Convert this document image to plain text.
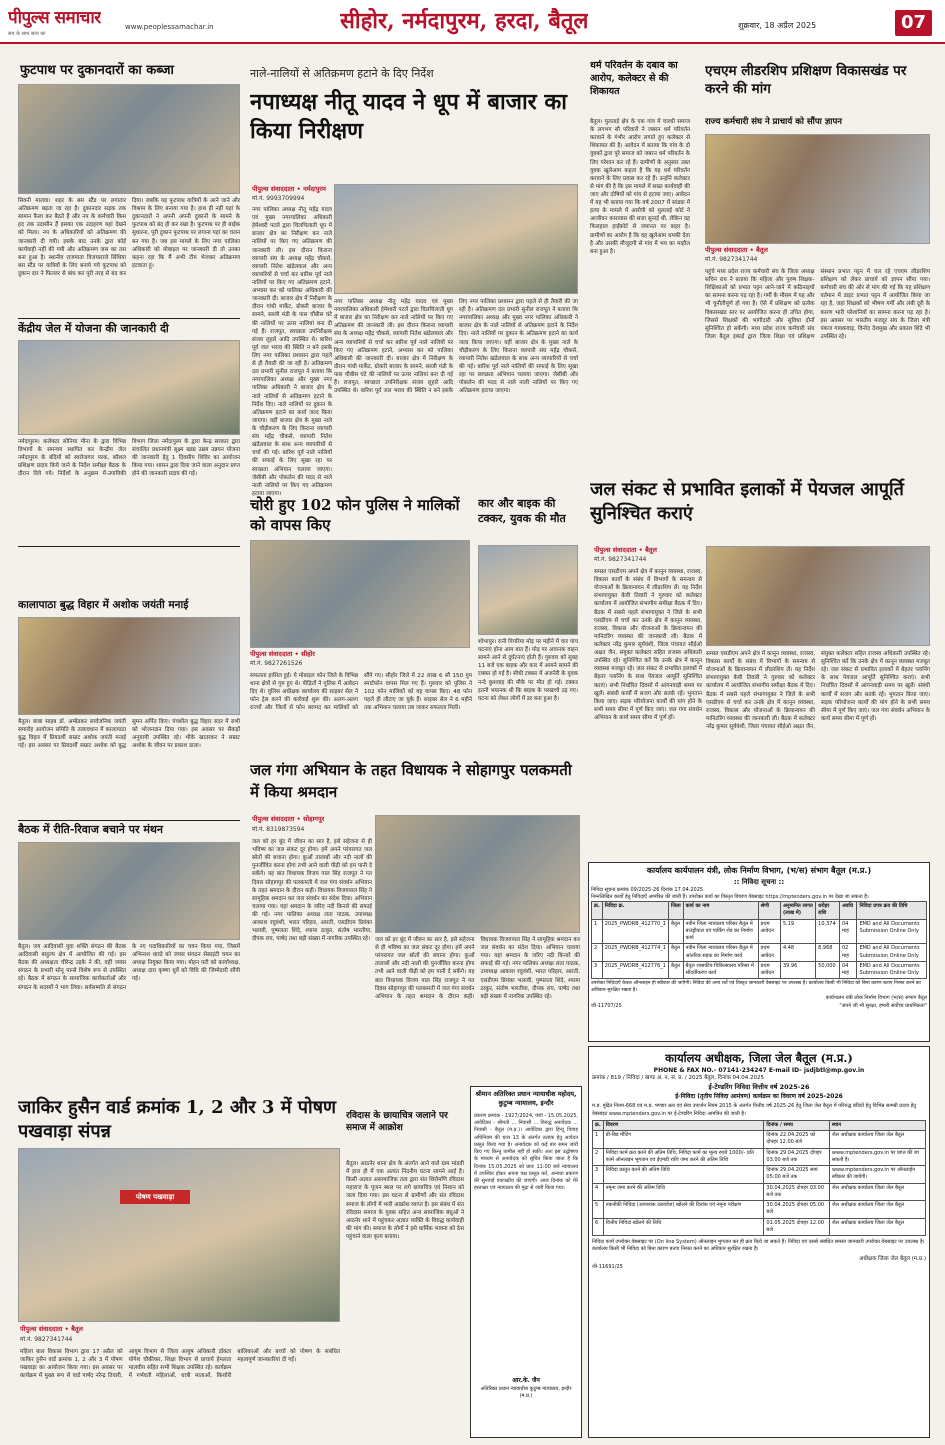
पीपुल्स समाचार
सच के साथ सत्य का
www.peoplessamachar.in	सीहोर, नर्मदापुरम, हरदा, बैतूल	शुक्रवार, 18 अप्रैल 2025	07
फुटपाथ पर दुकानदारों का कब्जा
सिवनी मालवा। शहर के बस स्टैंड पर लगातार अतिक्रमण बढ़ता जा रहा है। दुकानदार सड़क तक सामान फैला कर बैठते हैं और नप के कर्मचारी किस हद तक उदासीन हैं इसका एक उदाहरण यहां देखने को मिला। नप के अधिकारियों को अतिक्रमण की जानकारी दी गयी। इसके बाद उनके द्वारा कोई कार्यवाही नहीं की गयी और अतिक्रमण जस का तस बना हुआ है। स्थानीय राजमाता विजयाराजे सिंधिया बस स्टैंड पर यात्रियों के लिए बनाये गये फुटपाथ को दुकान दार ने फिल्लर से बांध कर पूरी तरह से बंद कर दिया। जबकि यह फुटपाथ यात्रियों के आने जाने और विश्राम के लिए बनाया गया है। हाथ ही नहीं यहां के दुकानदारों ने अपनी अपनी दुकानों के सामने के फुटपाथ को बंद ही कर रखा है। फुटपाथ पर ही बाईक सुधारना, पूरी दुकान फुटपाथ पर लगाना यहां का चलन बन गया है। जब इस मामले के लिए नगर पालिका अधिकारी को मोबाइल पर जानकारी दी तो उनका कहना रहा कि मैं अभी टीम भेजकर अतिक्रमण हटवाता हूं।
केंद्रीय जेल में योजना की जानकारी दी
नर्मदापुरम। कलेक्टर सोनिया मीना के द्वारा विभिन्न विभागों के समन्वय स्थापित कर केन्द्रीय जेल नर्मदापुरम के बंदियों को स्वरोजगार परक, कौशल प्रशिक्षण प्रदाय किये जाने के निर्देश समीक्षा बैठक के दौरान दिये गये। निर्देशों के अनुक्रम में-उपायिकी विभाग जिला नर्मदापुरम के द्वारा केन्द्र सरकार द्वारा संचालित प्रधानमंत्री सूक्ष्म खाद्य उद्यम उन्नयन योजना की जानकारी हेतु 1 दिवसीय शिविर का आयोजन किया गया। शासन द्वारा दिया जाने वाला अनुदान प्राप्त होने की जानकारी प्रदाय की गई।
कालापाठा बुद्ध विहार में अशोक जयंती मनाई
बैतूल। बाबा साहब डॉ. अम्बेडकर सार्वजनिक जयंती समारोह आयोजन समिति के तत्वावधान में कालापाठा बुद्ध विहार में प्रियदर्शी सम्राट अशोक जयंती मनाई गई। इस अवसर पर प्रियदर्शी सम्राट अशोक को बुद्ध सुमन अर्पित किए। पंचशील बुद्ध विहार सदर में सभी को भोजनदान दिया गया। इस अवसर पर सैकड़ों अनुयायी उपस्थित रहे। भीके खातरकर ने सम्राट अशोक के जीवन पर प्रकाश डाला।
बैठक में रीति-रिवाज बचाने पर मंथन
बैतूल। जय आदिवासी युवा शक्ति संगठन की बैठक आदिवासी बाहुल्य क्षेत्र में आयोजित की गई। इस बैठक की अध्यक्षता चीरेन्द्र उइके ने की, वहीं जयस संगठन के प्रभारी सोनू पान्से विशेष रूप से उपस्थित रहे। बैठक में संगठन के सामाजिक कार्यकर्ताओं और संगठन के सदस्यों ने भाग लिया। सर्वसम्मति से संगठन के नए पदाधिकारियों का चयन किया गया, जिसमें अभिनाश धारडे को जयस संगठन सेसाइंटी चयन का अध्यक्ष नियुक्त किया गया। मोहन पटी को कार्याध्यक्ष, अध्यक्ष दारा कृष्णा धुर्वे को विधि की जिम्मेदारी सौंपी गई।
नाले-नालियों से अतिक्रमण हटाने के दिए निर्देश
नपाध्यक्ष नीतू यादव ने धूप में बाजार का किया निरीक्षण
पीपुल्स संवाददाता • नर्मदापुरम
मो.नं. 9993709994
नगर पालिका अध्यक्ष नीतू महेंद्र यादव एवं मुख्य नगरपालिका अधिकारी हेमेश्वरी पटले द्वारा चिलचिलाती धूप में बाजार क्षेत्र का निरीक्षण कर नाले नालियों पर किए गए अतिक्रमण की जानकारी ली। इस दौरान किराना व्यापारी संघ के अध्यक्ष महेंद्र चौकसे, व्यापारी नितेश खंडेलवाल और अन्य व्यापारियों से चर्चा कर बारिश पूर्व नाले नालियों पर किए गए अतिक्रमण हटाने, अभ्यास कर को पालिका अधिकारी की जानकारी दी। बाजार क्षेत्र में निरीक्षण के दौरान गांधी मार्केट, ग्रोकरी बाजार के सामने, सब्जी मंडी के पास चौबीस घंटे की नालियों पर ऊपर नालियां बना दी गई हैं। राजपूत, स्वच्छता उपनिरीक्षक संजय लुहारे आदि उपस्थित थे। बारिश पूर्व जल भराव की स्थिति न बने इसके लिए नगर पालिका प्रशासन द्वारा पहले से ही तैयारी की जा रही है। अतिक्रमण दल प्रभारी सुनील राजपूत ने बताया कि नगरपालिका अध्यक्ष और मुख्य नगर पालिका अधिकारी ने बाजार क्षेत्र के नाले नालियों से अतिक्रमण हटाने के निर्देश दिए। नाले नालियों पर दुकान के अतिक्रमण हटाने का कार्य जल्द किया जाएगा। वहीं बाजार क्षेत्र के मुख्य नाले के चौड़ीकरण के लिए किराना व्यापारी संघ महेंद्र चौकसे, व्यापारी नितेश खंडेलवाल के साथ अन्य व्यापारियों से चर्चा की गई। बारिश पूर्व नाले नालियों की सफाई के लिए सूखा रहा पर स्वच्छता अभियान चलाया जाएगा। जेसीबी और पोकलेन की मदद से नाले नाली नालियों पर किए गए अतिक्रमण हटाया जाएगा।
नगर पालिका अध्यक्ष नीतू महेंद्र यादव एवं मुख्य नगरपालिका अधिकारी हेमेश्वरी पटले द्वारा चिलचिलाती धूप में बाजार क्षेत्र का निरीक्षण कर नाले नालियों पर किए गए अतिक्रमण की जानकारी ली। इस दौरान किराना व्यापारी संघ के अध्यक्ष महेंद्र चौकसे, व्यापारी नितेश खंडेलवाल और अन्य व्यापारियों से चर्चा कर बारिश पूर्व नाले नालियों पर किए गए अतिक्रमण हटाने, अभ्यास कर को पालिका अधिकारी की जानकारी दी। बाजार क्षेत्र में निरीक्षण के दौरान गांधी मार्केट, ग्रोकरी बाजार के सामने, सब्जी मंडी के पास चौबीस घंटे की नालियों पर ऊपर नालियां बना दी गई हैं। राजपूत, स्वच्छता उपनिरीक्षक संजय लुहारे आदि उपस्थित थे। बारिश पूर्व जल भराव की स्थिति न बने इसके लिए नगर पालिका प्रशासन द्वारा पहले से ही तैयारी की जा रही है। अतिक्रमण दल प्रभारी सुनील राजपूत ने बताया कि नगरपालिका अध्यक्ष और मुख्य नगर पालिका अधिकारी ने बाजार क्षेत्र के नाले नालियों से अतिक्रमण हटाने के निर्देश दिए। नाले नालियों पर दुकान के अतिक्रमण हटाने का कार्य जल्द किया जाएगा। वहीं बाजार क्षेत्र के मुख्य नाले के चौड़ीकरण के लिए किराना व्यापारी संघ महेंद्र चौकसे, व्यापारी नितेश खंडेलवाल के साथ अन्य व्यापारियों से चर्चा की गई। बारिश पूर्व नाले नालियों की सफाई के लिए सूखा रहा पर स्वच्छता अभियान चलाया जाएगा। जेसीबी और पोकलेन की मदद से नाले नाली नालियों पर किए गए अतिक्रमण हटाया जाएगा।
धर्म परिवर्तन के दबाव का आरोप, कलेक्टर से की शिकायत
बैतूल। मुलताई क्षेत्र के एक गांव में चारधी समाज के लगभग सौ परिवारों ने जबरन धर्म परिवर्तन करवाने के गंभीर आरोप लगाते हुए कलेक्टर से शिकायत की है। आवेदन में बताया कि गांव के दो युवकों द्वारा पूरे समाज को जबरन धर्म परिवर्तन के लिए परेशान कर रहे हैं। ग्रामीणों के अनुसार उक्त युवक खुलेआम कहता है कि यह धर्म परिवर्तन करवाने के लिए प्रयास कर रहे हैं। उन्होंने कलेक्टर से मांग की है कि इस मामले में सख्त कार्यवाही की जाए और दोषियों को गांव से हटाया जाए। आवेदन में यह भी बताया गया कि वर्ष 2007 में सांड्या में हत्या के मामले में आरोपी को मुलताई कोर्ट ने आजीवन कारावास की सजा सुनाई थी, लेकिन वह फिलहाल हाईकोर्ट से जमानत पर बाहर है। ग्रामीणों का आरोप है कि वह खुलेआम धमकी देता है और उसकी मौजूदगी से गांव में भय का माहौल बना हुआ है।
एचएम लीडरशिप प्रशिक्षण विकासखंड पर करने की मांग
राज्य कर्मचारी संघ ने प्राचार्य को सौंपा ज्ञापन
पीपुल्स संवाददाता • बैतूल
मो.नं. 9827341744
पहुंचे मध्य प्रदेश राज्य कर्मचारी संघ के जिला अध्यक्ष सचिन राय ने बताया कि महिला और पुरुष शिक्षक-शिक्षिकाओं को प्रभात पट्टन आने-जाने में कठिनाइयों का सामना करना पड़ रहा है। गर्मी के मौसम में यह और भी चुनौतीपूर्ण हो गया है। ऐसे में प्रशिक्षण को प्रत्येक विकासखंड स्तर पर आयोजित करना ही उचित होगा, जिससे शिक्षकों की भागीदारी और सुविधा दोनों सुनिश्चित हो सकेंगी। मध्य प्रदेश राज्य कर्मचारी संघ जिला बैतूल इकाई द्वारा जिला शिक्षा एवं प्रशिक्षण संस्थान प्रभात पट्टन में चल रहे एचएम लीडरशिप प्रशिक्षण को लेकर प्राचार्य को ज्ञापन सौंपा गया। कर्मचारी संघ की ओर से मांग की गई कि यह प्रशिक्षण वर्तमान में डाइट प्रभात पट्टन में आयोजित किया जा रहा है, जहां शिक्षकों को भीषण गर्मी और लंबी दूरी के कारण भारी परेशानियों का सामना करना पड़ रहा है। इस अवसर पर भारतीय मजदूर संघ के जिला मंत्री पंकज गायकवाड़, विनोद देशमुख और प्रकाश शिंदे भी उपस्थित रहे।
चोरी हुए 102 फोन पुलिस ने मालिकों को वापस किए
पीपुल्स संवाददाता • सीहोर
मो.नं. 9827261526
सफलता हासिल हुई। ये मोबाइल फोन जिले के विभिन्न थाना क्षेत्रों से गुम हुए थे। पीड़ितों ने पुलिस में आवेदन दिए थे। पुलिस अधीक्षक कार्यालय की साइबर सेल ने फोन ट्रेस करने की कार्रवाई शुरू की। अलग-अलग राज्यों और जिलों से फोन बरामद कर मालिकों को सौंपे गए। सीहोर जिले में 22 लाख 6 सौ 150 गुम स्मार्टफोन वापस मिल गए हैं। गुरुवार को पुलिस ने 102 फोन मालिकों को वह वापस किए। 48 फोन पहले ही लौटाए जा चुके हैं। साइबर सेल ने 6 महीने तक अभियान चलाया तब जाकर सफलता मिली।
कार और बाइक की टक्कर, युवक की मौत
शोभापुर। रानी पिपरिया मोड़ पर महीने में चार पांच घटनाएं होना आम बात हैं। मोड़ पर अचानक वाहन सामने आने से दुर्घटनाएं होती हैं। गुरुवार को सुबह 11 बजे एक बाइक और कार में आमने सामने की टक्कर हो गई है। सीधी टक्कर में अजनेरी के युवक नन्दे कुशवाह की मौके पर मौत हो गई। टक्कर इतनी भयानक थी कि बाइक के परखच्चे उड़ गए। घटना को लेकर लोगों में डर बना हुआ है।
जल संकट से प्रभावित इलाकों में पेयजल आपूर्ति सुनिश्चित कराएं
पीपुल्स संवाददाता • बैतूल
मो.नं. 9827341744
समस्त एसडीएम अपने क्षेत्र में कानून व्यवस्था, राजस्व, विकास कार्यों के संबंध में विभागों के समन्वय से योजनाओं के क्रियान्वयन में लीडरशिप लें। यह निर्देश संभागायुक्त केवी तिवारी ने गुरुवार को कलेक्टर कार्यालय में आयोजित संभागीय समीक्षा बैठक में दिए। बैठक में सबसे पहले संभागायुक्त ने जिले के सभी एसडीएम से चर्चा कर उनके क्षेत्र में कानून व्यवस्था, राजस्व, विकास और योजनाओं के क्रियान्वयन की मानिटरिंग व्यवस्था की जानकारी ली। बैठक में कलेक्टर नरेंद्र कुमार सूर्यवंशी, जिला पंचायत सीईओ अक्षत जैन, संयुक्त कलेक्टर सहित राजस्व अधिकारी उपस्थित रहे। सुनिश्चित करें कि उनके क्षेत्र में कानून व्यवस्था मजबूत रहे। जल संकट से प्रभावित इलाकों में बेहतर प्लानिंग के साथ पेयजल आपूर्ति सुनिश्चित कराएं। सभी निर्धारित दिवसों में आंगनवाड़ी समय पर खुलें। संबंधी कार्यों में सजग और सतर्क रहें। भुगतान किया जाए। सड़क परियोजना कार्यों की मांग होने के सभी समय सीमा में पूर्ण किए जाएं। जल गंगा संवर्धन अभियान के कार्य समय सीमा में पूर्ण हों।
समस्त एसडीएम अपने क्षेत्र में कानून व्यवस्था, राजस्व, विकास कार्यों के संबंध में विभागों के समन्वय से योजनाओं के क्रियान्वयन में लीडरशिप लें। यह निर्देश संभागायुक्त केवी तिवारी ने गुरुवार को कलेक्टर कार्यालय में आयोजित संभागीय समीक्षा बैठक में दिए। बैठक में सबसे पहले संभागायुक्त ने जिले के सभी एसडीएम से चर्चा कर उनके क्षेत्र में कानून व्यवस्था, राजस्व, विकास और योजनाओं के क्रियान्वयन की मानिटरिंग व्यवस्था की जानकारी ली। बैठक में कलेक्टर नरेंद्र कुमार सूर्यवंशी, जिला पंचायत सीईओ अक्षत जैन, संयुक्त कलेक्टर सहित राजस्व अधिकारी उपस्थित रहे। सुनिश्चित करें कि उनके क्षेत्र में कानून व्यवस्था मजबूत रहे। जल संकट से प्रभावित इलाकों में बेहतर प्लानिंग के साथ पेयजल आपूर्ति सुनिश्चित कराएं। सभी निर्धारित दिवसों में आंगनवाड़ी समय पर खुलें। संबंधी कार्यों में सजग और सतर्क रहें। भुगतान किया जाए। सड़क परियोजना कार्यों की मांग होने के सभी समय सीमा में पूर्ण किए जाएं। जल गंगा संवर्धन अभियान के कार्य समय सीमा में पूर्ण हों।
जल गंगा अभियान के तहत विधायक ने सोहागपुर पलकमती में किया श्रमदान
पीपुल्स संवाददाता • सोहागपुर
मो.नं. 8319873594
जल को हर बूंद में जीवन का सार है, इसे सहेजना से ही भविष्य का जल संकट दूर होगा। हमें अपने परंपरागत जल स्रोतों की बचाना होगा। कुओं तालाबों और नदी नालों की पुनर्जीवित करना होगा तभी आने वाली पीढ़ी को हम पानी दे सकेंगे। यह बात विधायक विजय पाल सिंह राजपूत ने गत दिवस सोहागपुर की पलकमती में जल गंगा संवर्धन अभियान के तहत श्रमदान के दौरान कही। विधायक विजयपाल सिंह ने सामूहिक श्रमदान कर जल संवर्धन का संदेश दिया। अभियान चलाया गया। यहां श्रमदान के जरिए नदी किनारे की सफाई की गई। नगर पालिका अध्यक्ष लता पाठक, उपाध्यक्ष आकाश रघुवंशी, भारत परिहार, आरती, एसडीएम प्रियंका भलावी, पुष्पलता शिंदे, श्यामा ठाकुर, संतोष भारतीया, दीपक राय, पार्षद तथा बड़ी संख्या में नागरिक उपस्थित रहे। जल को हर बूंद में जीवन का सार है, इसे सहेजना से ही भविष्य का जल संकट दूर होगा। हमें अपने परंपरागत जल स्रोतों की बचाना होगा। कुओं तालाबों और नदी नालों की पुनर्जीवित करना होगा तभी आने वाली पीढ़ी को हम पानी दे सकेंगे। यह बात विधायक विजय पाल सिंह राजपूत ने गत दिवस सोहागपुर की पलकमती में जल गंगा संवर्धन अभियान के तहत श्रमदान के दौरान कही। विधायक विजयपाल सिंह ने सामूहिक श्रमदान कर जल संवर्धन का संदेश दिया। अभियान चलाया गया। यहां श्रमदान के जरिए नदी किनारे की सफाई की गई। नगर पालिका अध्यक्ष लता पाठक, उपाध्यक्ष आकाश रघुवंशी, भारत परिहार, आरती, एसडीएम प्रियंका भलावी, पुष्पलता शिंदे, श्यामा ठाकुर, संतोष भारतीया, दीपक राय, पार्षद तथा बड़ी संख्या में नागरिक उपस्थित रहे।
जाकिर हुसैन वार्ड क्रमांक 1, 2 और 3 में पोषण पखवाड़ा संपन्न
पोषण पखवाड़ा
पीपुल्स संवाददाता • बैतूल
मो.नं. 9827341744
महिला बाल विकास विभाग द्वारा 17 अप्रैल को जाकिर हुसैन वार्ड क्रमांक 1, 2 और 3 में पोषण पखवाड़ा का आयोजन किया गया। इस अवसर पर कार्यक्रम में मुख्य रूप से वार्ड पार्षद नरेन्द्र तिवारी, आयुष विभाग से जिला आयुष अधिकारी डॉक्टर योगेश चौकीकर, शिक्षा विभाग से प्राचार्य हेमलता मालवीय सहित सभी शिक्षक उपस्थित रहे। कार्यक्रम में गर्भवती महिलाओं, धात्री माताओं, किशोरी बालिकाओं और बच्चों को पोषण के संबंधित महत्वपूर्ण जानकारियां दी गईं।
रविदास के छायाचित्र जलाने पर समाज में आक्रोश
बैतूल। आठनेर थाना क्षेत्र के अंतर्गत आने वाले ग्राम मांडवी में हाल ही में एक अत्यंत निंदनीय घटना सामने आई है। किसी अज्ञात असामाजिक तत्व द्वारा संत शिरोमणि रविदास महाराज के पूजन स्थल पर लगे छायाचित्र एवं निशान को जला दिया गया। इस घटना से ग्रामीणों और संत रविदास समाज के लोगों में भारी आक्रोश व्याप्त है। इस संबंध में संत रविदास समाज के युवक सहित अन्य सामाजिक बंधुओं ने आठनेर थाने में पहुंचकर अज्ञात व्यक्ति के विरुद्ध कार्यवाही की मांग की। समाज के लोगों ने इसे धार्मिक भावना को ठेस पहुंचाने वाला कृत्य बताया।
श्रीमान अतिरिक्त प्रधान न्यायाधीश महोदय, कुटुम्ब न्यायालय, इन्दौर
प्रकरण क्रमांक - 1927/2024, पेशी - 15.05.2025, आवेदिका - श्रीमती ... निवासी ... विरुद्ध अनावेदक ... निवासी - बैतूल (म.प्र.)। आवेदिका द्वारा हिन्दू विवाह अधिनियम की धारा 13 के अंतर्गत तलाक हेतु आवेदन प्रस्तुत किया गया है। अनावेदक को कई बार समन जारी किए गए किन्तु तामील नहीं हो सकी। अतः इस उद्घोषणा के माध्यम से अनावेदक को सूचित किया जाता है कि दिनांक 15.05.2025 को प्रातः 11:00 बजे न्यायालय में उपस्थित होकर अपना पक्ष प्रस्तुत करें, अन्यथा प्रकरण की सुनवाई एकपक्षीय की जाएगी। आज दिनांक को मेरे हस्ताक्षर एवं न्यायालय की मुद्रा से जारी किया गया।
आर.के. जैन
अतिरिक्त प्रधान न्यायाधीश कुटुम्ब न्यायालय, इन्दौर (म.प्र.)
कार्यालय कार्यपालन यंत्री, लोक निर्माण विभाग, (भ/स) संभाग बैतूल (म.प्र.)
:: निविदा सूचना ::
निविदा सूचना क्रमांक 09/2025-26 दिनांक 17.04.2025
निम्नलिखित कार्यों हेतु निविदाएँ आमंत्रित की जाती हैं। उपरोक्त कार्य का विस्तृत विवरण वेबसाइट https://mptenders.gov.in पर देखा जा सकता है।
क्र.	निविदा क्र.	जिला	कार्य का नाम	श्रेणी	अनुमानित लागत (लाख में)	धरोहर राशि	अवधि	निविदा प्रपत्र क्रय की तिथि
1	2025_PWDRB_412770_1	बैतूल	नवीन जिला न्यायालय परिसर बैतूल में बाउंड्रीवाल एवं पार्किंग शेड का निर्माण कार्य	प्रथम आवेदन	5.19	10,374	04 माह	EMD and All Documents Submission Online Only
2	2025_PWDRB_412774_1	बैतूल	नवीन जिला न्यायालय परिसर बैतूल में आंतरिक सड़क का निर्माण कार्य	प्रथम आवेदन	4.48	8,968	02 माह	EMD and All Documents Submission Online Only
3	2025_PWDRB_412776_1	बैतूल	बैतूल शासकीय चिकित्सालय परिसर में सौंदर्यीकरण कार्य	प्रथम आवेदन	39.96	50,000	04 माह	EMD and All Documents Submission Online Only
उपरोक्त निविदाएँ केवल ऑनलाइन ही स्वीकार की जाएँगी। निविदा की अन्य शर्तें एवं विस्तृत जानकारी वेबसाइट पर उपलब्ध है। कार्यालय किसी भी निविदा को बिना कारण बताए निरस्त करने का अधिकार सुरक्षित रखता है।
कार्यपालन यंत्री लोक निर्माण विभाग (भ/स) संभाग बैतूल
जी-11707/25	"अपने जी भी सुरक्षा, हमारी सर्वोच्च प्राथमिकता"
कार्यालय अधीक्षक, जिला जेल बैतूल (म.प्र.)
PHONE & FAX NO.- 07141-234247 E-mail ID- jsdjbtl@mp.gov.in
क्रमांक / 819 / निविदा / खण्ड अ. न. स. प्र. / 2025 बैतूल, दिनांक 04.04.2025
ई-टेण्डरिंग निविदा वित्तीय वर्ष 2025-26
ई-निविदा (तृतीय निविदा आमंत्रण) कार्यक्रम का विवरण वर्ष 2025-2026
म.प्र. मुद्रित नियम-668 एवं म.प्र. भण्डार क्रय एवं सेवा उपार्जन नियम 2015 के अंतर्गत वित्तीय वर्ष 2025-26 हेतु जिला जेल बैतूल में परिरुद्ध बंदियों हेतु विभिन्न सामग्री प्रदाय हेतु वेबसाइट www.mptenders.gov.in पर ई-टेण्डरिंग निविदा आमंत्रित की जाती है।
क्र.	विवरण	दिनांक / समय	स्थान
1	प्री-बिड मीटिंग	दिनांक 22.04.2025 को दोपहर 12.00 बजे	जेल अधीक्षक कार्यालय जिला जेल बैतूल
2	निविदा फार्म क्रय करने की अंतिम तिथि, निविदा फार्म का मूल्य रुपये 1000/- प्रति फार्म ऑनलाइन भुगतान एवं ईएमडी राशि जमा करने की अंतिम तिथि	दिनांक 29.04.2025 दोपहर 03.00 बजे तक	www.mptenders.gov.in पर प्राप्त की जा सकती है।
3	निविदा प्रस्तुत करने की अंतिम तिथि	दिनांक 29.04.2025 सायं 05:00 बजे तक	www.mptenders.gov.in पर ऑनलाईन स्वीकार की जायेगी।
4	नमूना जमा करने की अंतिम तिथि	30.04.2025 दोपहर 03.00 बजे तक	जेल अधीक्षक कार्यालय जिला जेल बैतूल
5	तकनीकी निविदा (आवश्यक दस्तावेज) खोलने की दिनांक एवं नमूना परीक्षण	30.04.2025 दोपहर 05:00 बजे	जेल अधीक्षक कार्यालय जिला जेल बैतूल
6	वित्तीय निविदा खोलने की तिथि	01.05.2025 दोपहर 12.00 बजे	जेल अधीक्षक कार्यालय जिला जेल बैतूल
निविदा फार्म उपरोक्त वेबसाइट पर (On line System) ऑनलाइन भुगतान कर ही क्रय किये जा सकते हैं। निविदा एवं उससे संबंधित समस्त जानकारी उपरोक्त वेबसाइट पर उपलब्ध है। कार्यालय किसी भी निविदा को बिना कारण बताए निरस्त करने का अधिकार सुरक्षित रखता है।
अधीक्षक जिला जेल बैतूल (म.प्र.)
जी-11691/25
